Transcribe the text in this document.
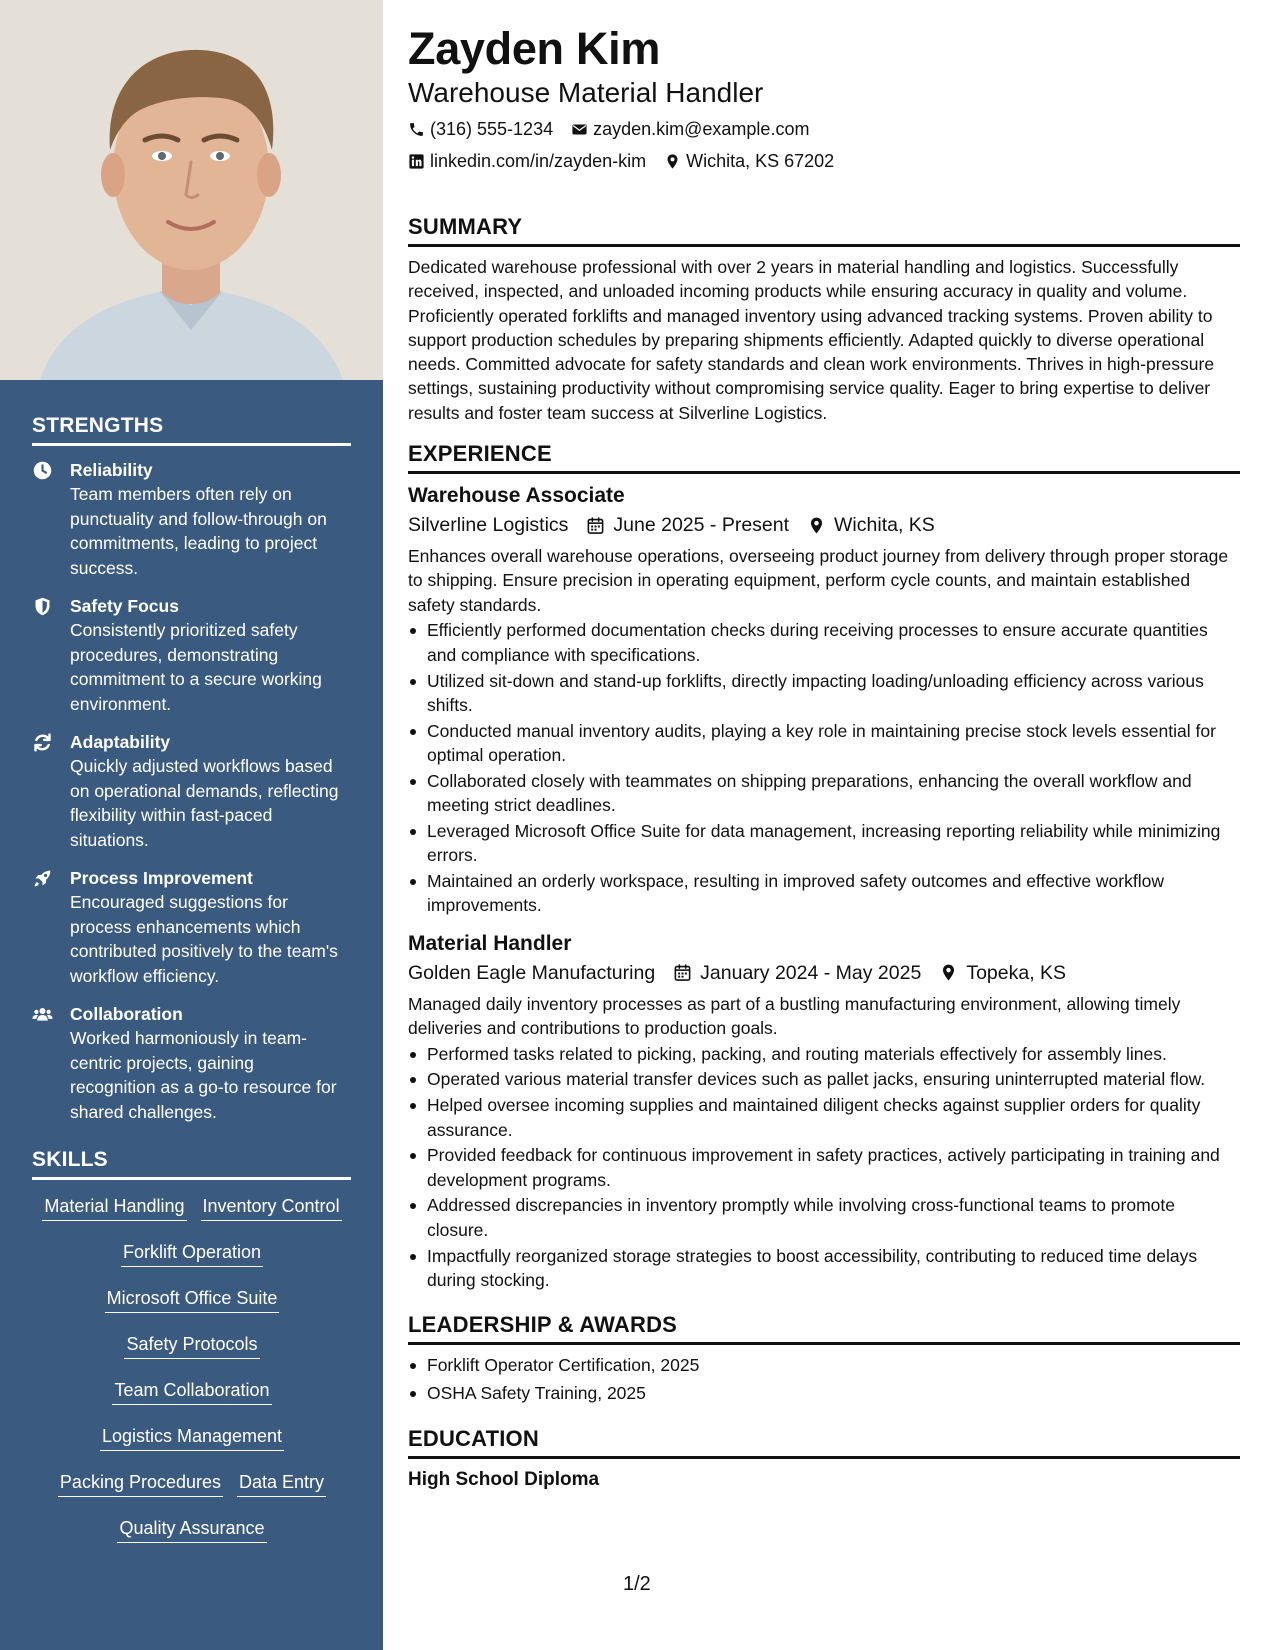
STRENGTHS
Reliability
Team members often rely on punctuality and follow-through on commitments, leading to project success.
Safety Focus
Consistently prioritized safety procedures, demonstrating commitment to a secure working environment.
Adaptability
Quickly adjusted workflows based on operational demands, reflecting flexibility within fast-paced situations.
Process Improvement
Encouraged suggestions for process enhancements which contributed positively to the team's workflow efficiency.
Collaboration
Worked harmoniously in team-centric projects, gaining recognition as a go-to resource for shared challenges.
SKILLS
Material Handling Inventory Control
Forklift Operation
Microsoft Office Suite
Safety Protocols
Team Collaboration
Logistics Management
Packing Procedures Data Entry
Quality Assurance
Zayden Kim
Warehouse Material Handler
(316) 555-1234 zayden.kim@example.com
linkedin.com/in/zayden-kim Wichita, KS 67202
SUMMARY
Dedicated warehouse professional with over 2 years in material handling and logistics. Successfully received, inspected, and unloaded incoming products while ensuring accuracy in quality and volume. Proficiently operated forklifts and managed inventory using advanced tracking systems. Proven ability to support production schedules by preparing shipments efficiently. Adapted quickly to diverse operational needs. Committed advocate for safety standards and clean work environments. Thrives in high-pressure settings, sustaining productivity without compromising service quality. Eager to bring expertise to deliver results and foster team success at Silverline Logistics.
EXPERIENCE
Warehouse Associate
Silverline Logistics June 2025 - Present Wichita, KS
Enhances overall warehouse operations, overseeing product journey from delivery through proper storage to shipping. Ensure precision in operating equipment, perform cycle counts, and maintain established safety standards.
Efficiently performed documentation checks during receiving processes to ensure accurate quantities and compliance with specifications.
Utilized sit-down and stand-up forklifts, directly impacting loading/unloading efficiency across various shifts.
Conducted manual inventory audits, playing a key role in maintaining precise stock levels essential for optimal operation.
Collaborated closely with teammates on shipping preparations, enhancing the overall workflow and meeting strict deadlines.
Leveraged Microsoft Office Suite for data management, increasing reporting reliability while minimizing errors.
Maintained an orderly workspace, resulting in improved safety outcomes and effective workflow improvements.
Material Handler
Golden Eagle Manufacturing January 2024 - May 2025 Topeka, KS
Managed daily inventory processes as part of a bustling manufacturing environment, allowing timely deliveries and contributions to production goals.
Performed tasks related to picking, packing, and routing materials effectively for assembly lines.
Operated various material transfer devices such as pallet jacks, ensuring uninterrupted material flow.
Helped oversee incoming supplies and maintained diligent checks against supplier orders for quality assurance.
Provided feedback for continuous improvement in safety practices, actively participating in training and development programs.
Addressed discrepancies in inventory promptly while involving cross-functional teams to promote closure.
Impactfully reorganized storage strategies to boost accessibility, contributing to reduced time delays during stocking.
LEADERSHIP & AWARDS
Forklift Operator Certification, 2025
OSHA Safety Training, 2025
EDUCATION
High School Diploma
1/2
